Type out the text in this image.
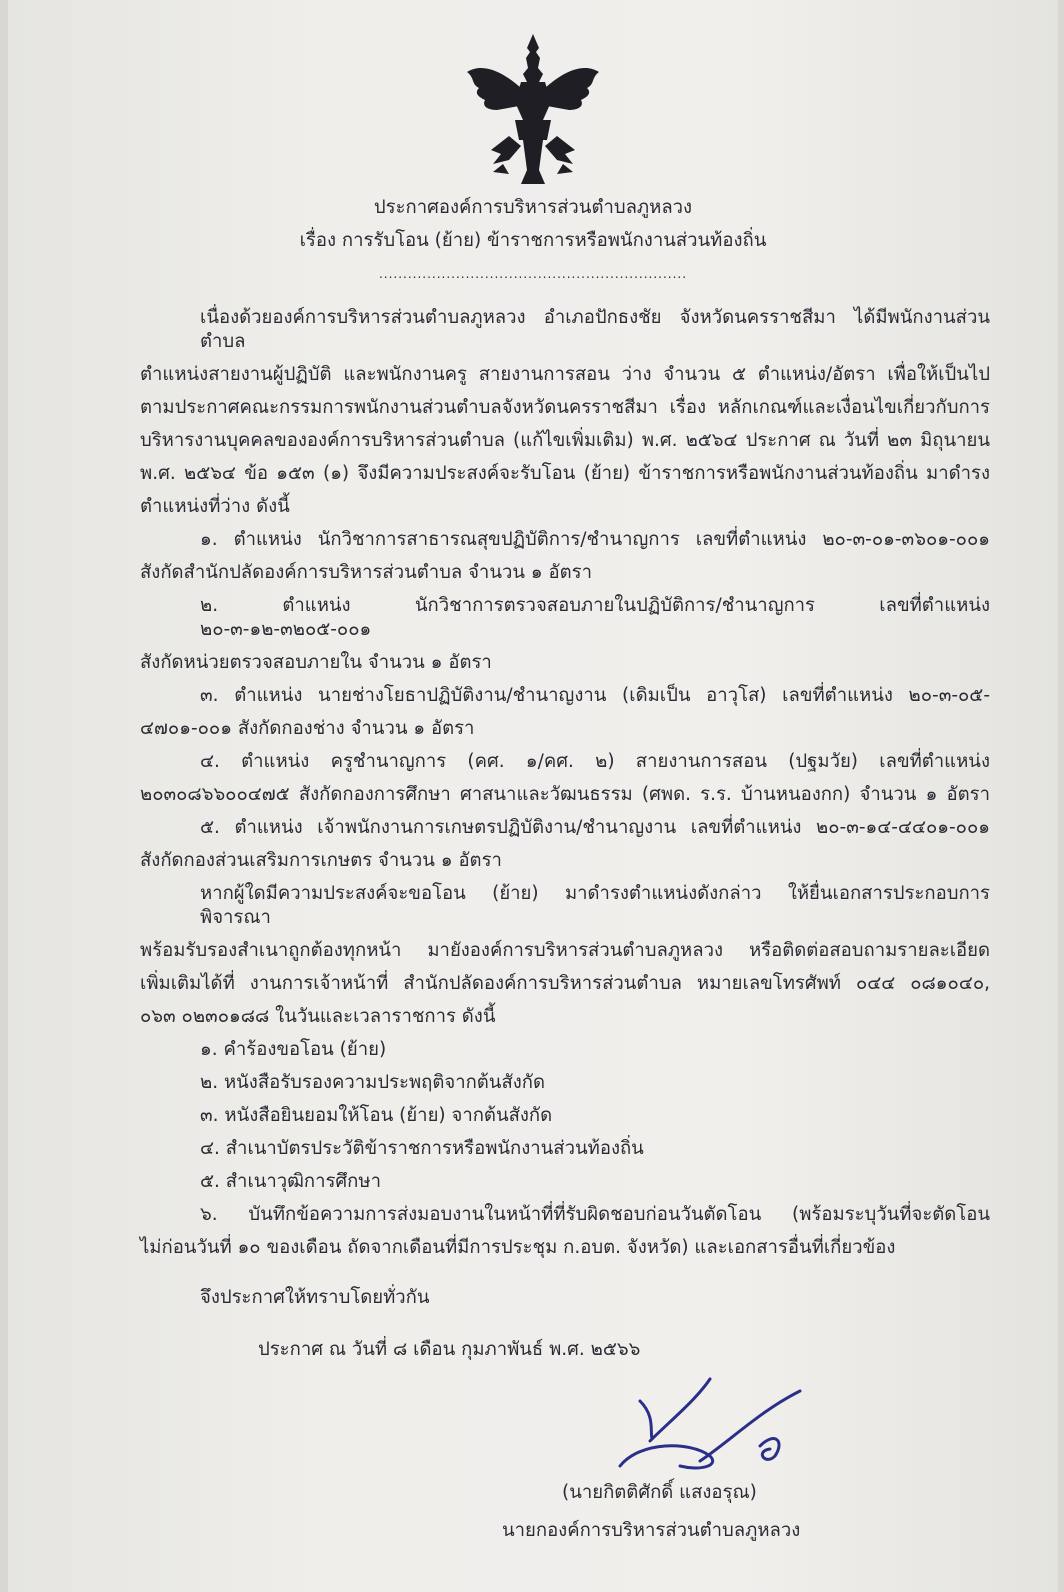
ประกาศองค์การบริหารส่วนตำบลภูหลวง
เรื่อง การรับโอน (ย้าย) ข้าราชการหรือพนักงานส่วนท้องถิ่น
................................................................
เนื่องด้วยองค์การบริหารส่วนตำบลภูหลวง อำเภอปักธงชัย จังหวัดนครราชสีมา ได้มีพนักงานส่วนตำบล
ตำแหน่งสายงานผู้ปฏิบัติ และพนักงานครู สายงานการสอน ว่าง จำนวน ๕ ตำแหน่ง/อัตรา เพื่อให้เป็นไป
ตามประกาศคณะกรรมการพนักงานส่วนตำบลจังหวัดนครราชสีมา เรื่อง หลักเกณฑ์และเงื่อนไขเกี่ยวกับการ
บริหารงานบุคคลขององค์การบริหารส่วนตำบล (แก้ไขเพิ่มเติม) พ.ศ. ๒๕๖๔ ประกาศ ณ วันที่ ๒๓ มิถุนายน
พ.ศ. ๒๕๖๔ ข้อ ๑๕๓ (๑) จึงมีความประสงค์จะรับโอน (ย้าย) ข้าราชการหรือพนักงานส่วนท้องถิ่น มาดำรง
ตำแหน่งที่ว่าง ดังนี้
๑. ตำแหน่ง นักวิชาการสาธารณสุขปฏิบัติการ/ชำนาญการ เลขที่ตำแหน่ง ๒๐-๓-๐๑-๓๖๐๑-๐๐๑
สังกัดสำนักปลัดองค์การบริหารส่วนตำบล จำนวน ๑ อัตรา
๒. ตำแหน่ง นักวิชาการตรวจสอบภายในปฏิบัติการ/ชำนาญการ เลขที่ตำแหน่ง ๒๐-๓-๑๒-๓๒๐๕-๐๐๑
สังกัดหน่วยตรวจสอบภายใน จำนวน ๑ อัตรา
๓. ตำแหน่ง นายช่างโยธาปฏิบัติงาน/ชำนาญงาน (เดิมเป็น อาวุโส) เลขที่ตำแหน่ง ๒๐-๓-๐๕-
๔๗๐๑-๐๐๑ สังกัดกองช่าง จำนวน ๑ อัตรา
๔. ตำแหน่ง ครูชำนาญการ (คศ. ๑/คศ. ๒) สายงานการสอน (ปฐมวัย) เลขที่ตำแหน่ง
๒๐๓๐๘๖๖๐๐๔๗๕ สังกัดกองการศึกษา ศาสนาและวัฒนธรรม (ศพด. ร.ร. บ้านหนองกก) จำนวน ๑ อัตรา
๕. ตำแหน่ง เจ้าพนักงานการเกษตรปฏิบัติงาน/ชำนาญงาน เลขที่ตำแหน่ง ๒๐-๓-๑๔-๔๔๐๑-๐๐๑
สังกัดกองส่วนเสริมการเกษตร จำนวน ๑ อัตรา
หากผู้ใดมีความประสงค์จะขอโอน (ย้าย) มาดำรงตำแหน่งดังกล่าว ให้ยื่นเอกสารประกอบการพิจารณา
พร้อมรับรองสำเนาถูกต้องทุกหน้า มายังองค์การบริหารส่วนตำบลภูหลวง หรือติดต่อสอบถามรายละเอียด
เพิ่มเติมได้ที่ งานการเจ้าหน้าที่ สำนักปลัดองค์การบริหารส่วนตำบล หมายเลขโทรศัพท์ ๐๔๔ ๐๘๑๐๔๐,
๐๖๓ ๐๒๓๐๑๘๘ ในวันและเวลาราชการ ดังนี้
๑. คำร้องขอโอน (ย้าย)
๒. หนังสือรับรองความประพฤติจากต้นสังกัด
๓. หนังสือยินยอมให้โอน (ย้าย) จากต้นสังกัด
๔. สำเนาบัตรประวัติข้าราชการหรือพนักงานส่วนท้องถิ่น
๕. สำเนาวุฒิการศึกษา
๖. บันทึกข้อความการส่งมอบงานในหน้าที่ที่รับผิดชอบก่อนวันตัดโอน (พร้อมระบุวันที่จะตัดโอน
ไม่ก่อนวันที่ ๑๐ ของเดือน ถัดจากเดือนที่มีการประชุม ก.อบต. จังหวัด) และเอกสารอื่นที่เกี่ยวข้อง
จึงประกาศให้ทราบโดยทั่วกัน
ประกาศ ณ วันที่ ๘ เดือน กุมภาพันธ์ พ.ศ. ๒๕๖๖
(นายกิตติศักดิ์ แสงอรุณ)
นายกองค์การบริหารส่วนตำบลภูหลวง
